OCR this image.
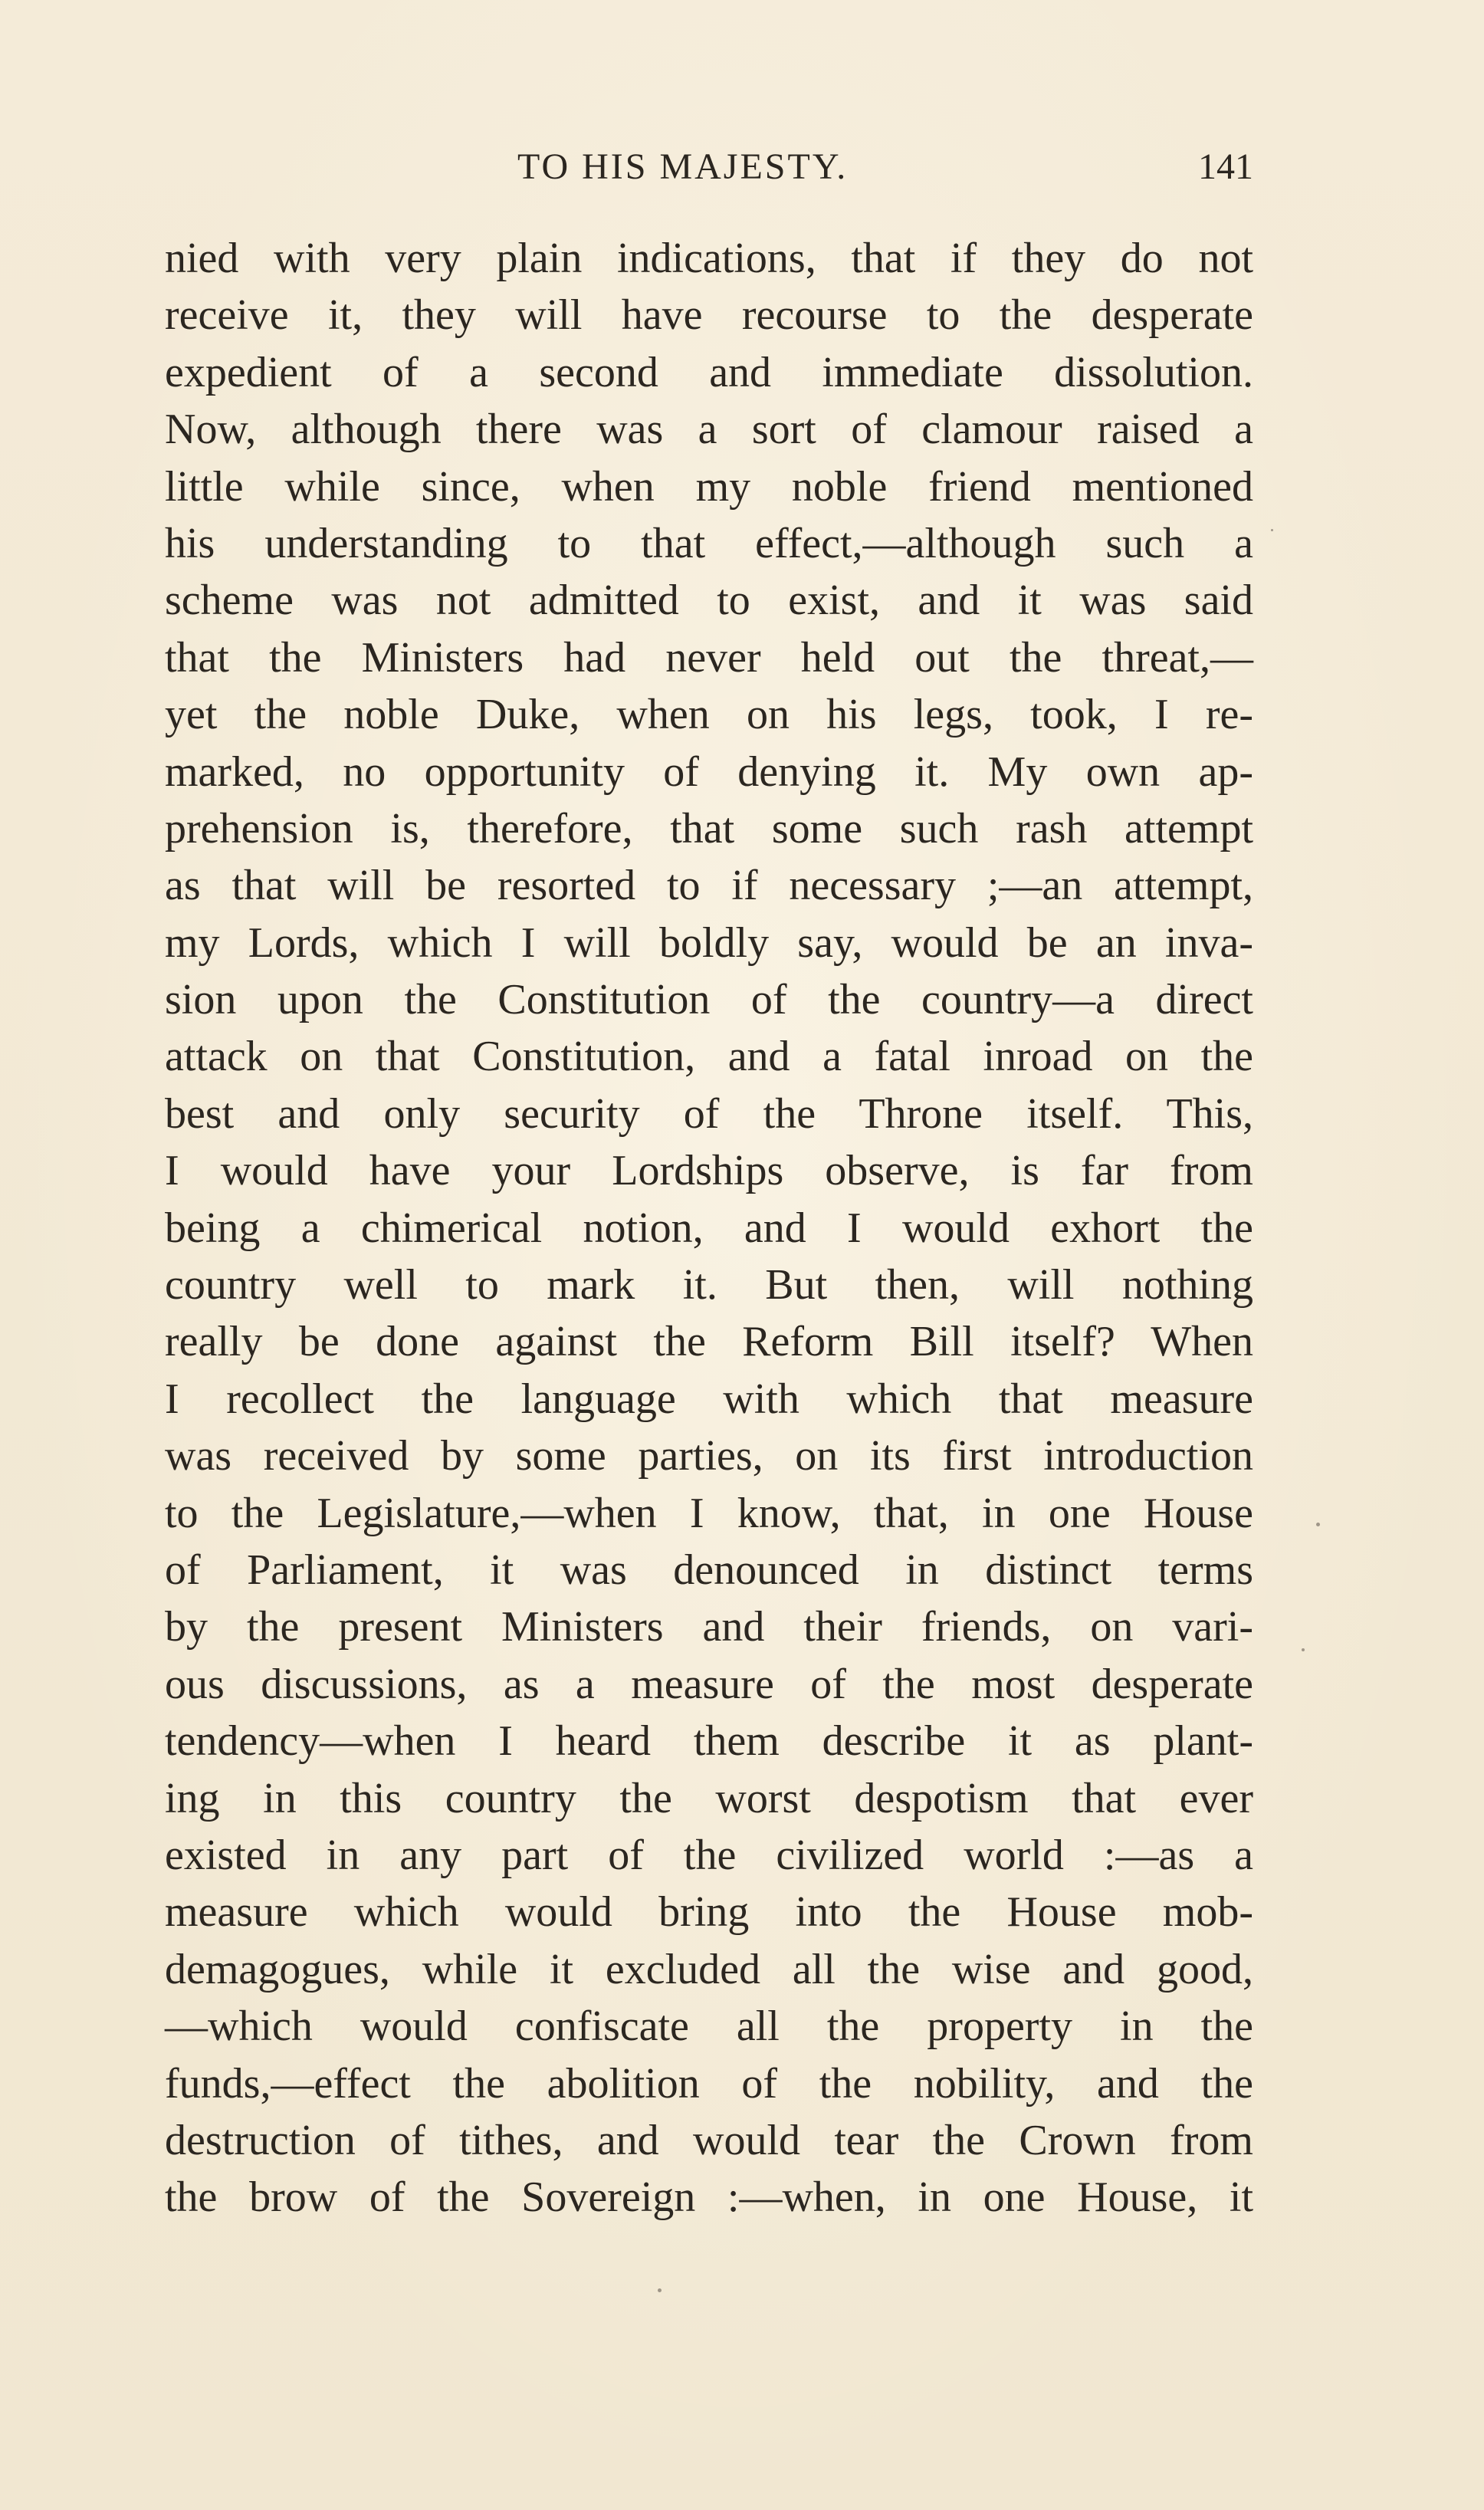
TO HIS MAJESTY.	141
nied with very plain indications, that if they do not
receive it, they will have recourse to the desperate
expedient of a second and immediate dissolution.
Now, although there was a sort of clamour raised a
little while since, when my noble friend mentioned
his understanding to that effect,—although such a
scheme was not admitted to exist, and it was said
that the Ministers had never held out the threat,—
yet the noble Duke, when on his legs, took, I re-
marked, no opportunity of denying it. My own ap-
prehension is, therefore, that some such rash attempt
as that will be resorted to if necessary ;—an attempt,
my Lords, which I will boldly say, would be an inva-
sion upon the Constitution of the country—a direct
attack on that Constitution, and a fatal inroad on the
best and only security of the Throne itself. This,
I would have your Lordships observe, is far from
being a chimerical notion, and I would exhort the
country well to mark it. But then, will nothing
really be done against the Reform Bill itself? When
I recollect the language with which that measure
was received by some parties, on its first introduction
to the Legislature,—when I know, that, in one House
of Parliament, it was denounced in distinct terms
by the present Ministers and their friends, on vari-
ous discussions, as a measure of the most desperate
tendency—when I heard them describe it as plant-
ing in this country the worst despotism that ever
existed in any part of the civilized world :—as a
measure which would bring into the House mob-
demagogues, while it excluded all the wise and good,
—which would confiscate all the property in the
funds,—effect the abolition of the nobility, and the
destruction of tithes, and would tear the Crown from
the brow of the Sovereign :—when, in one House, it
